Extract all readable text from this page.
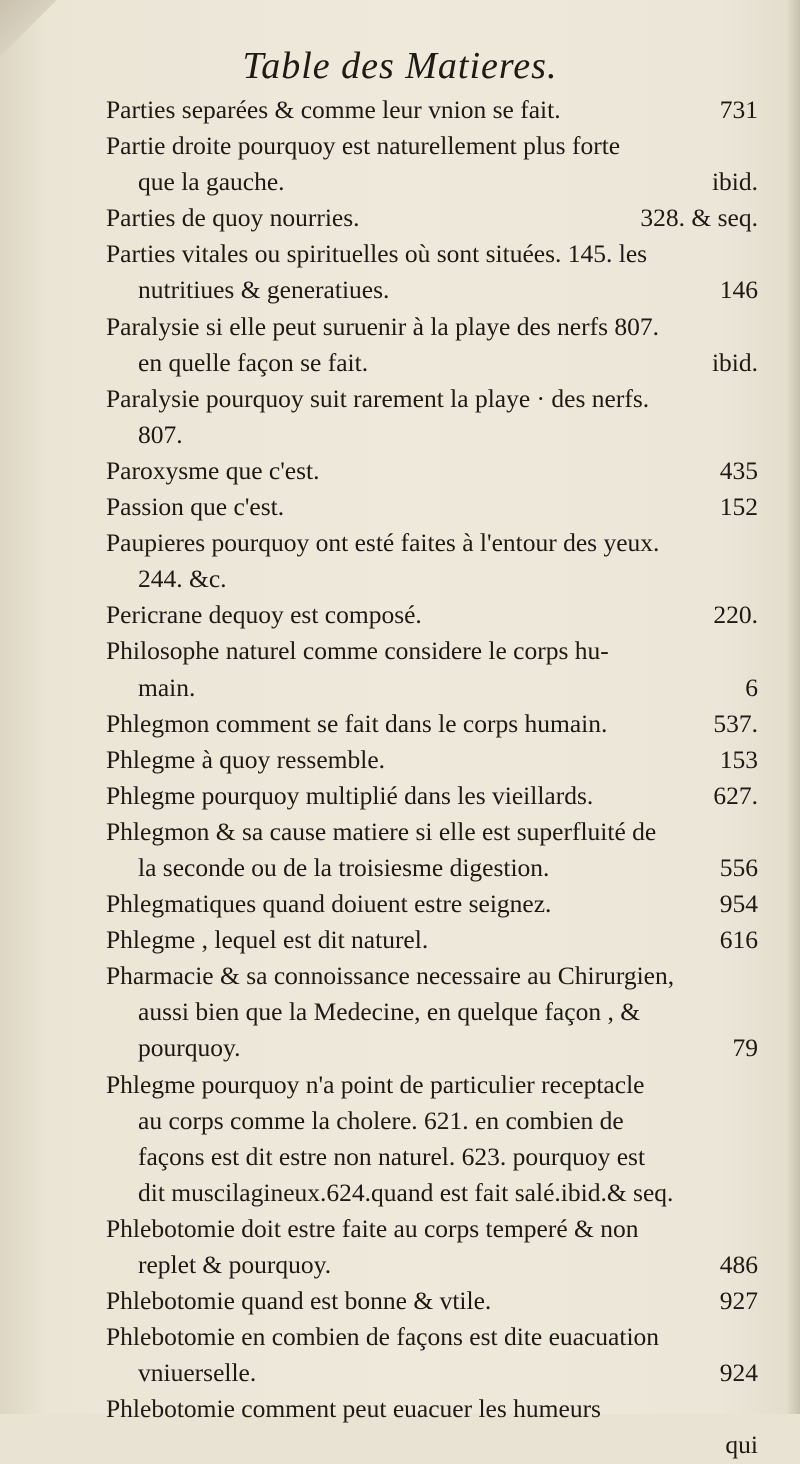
Table des Matieres.
Parties separées & comme leur vnion se fait.	731
Partie droite pourquoy est naturellement plus forte
que la gauche.	ibid.
Parties de quoy nourries.	328. & seq.
Parties vitales ou spirituelles où sont situées. 145. les
nutritiues & generatiues.	146
Paralysie si elle peut suruenir à la playe des nerfs 807.
en quelle façon se fait.	ibid.
Paralysie pourquoy suit rarement la playe · des nerfs.
807.
Paroxysme que c'est.	435
Passion que c'est.	152
Paupieres pourquoy ont esté faites à l'entour des yeux.
244. &c.
Pericrane dequoy est composé.	220.
Philosophe naturel comme considere le corps hu-
main.	6
Phlegmon comment se fait dans le corps humain.	537.
Phlegme à quoy ressemble.	153
Phlegme pourquoy multiplié dans les vieillards.	627.
Phlegmon & sa cause matiere si elle est superfluité de
la seconde ou de la troisiesme digestion.	556
Phlegmatiques quand doiuent estre seignez.	954
Phlegme , lequel est dit naturel.	616
Pharmacie & sa connoissance necessaire au Chirurgien,
aussi bien que la Medecine, en quelque façon , &
pourquoy.	79
Phlegme pourquoy n'a point de particulier receptacle
au corps comme la cholere. 621. en combien de
façons est dit estre non naturel. 623. pourquoy est
dit muscilagineux.624.quand est fait salé.ibid.& seq.
Phlebotomie doit estre faite au corps temperé & non
replet & pourquoy.	486
Phlebotomie quand est bonne & vtile.	927
Phlebotomie en combien de façons est dite euacuation
vniuerselle.	924
Phlebotomie comment peut euacuer les humeurs
qui
